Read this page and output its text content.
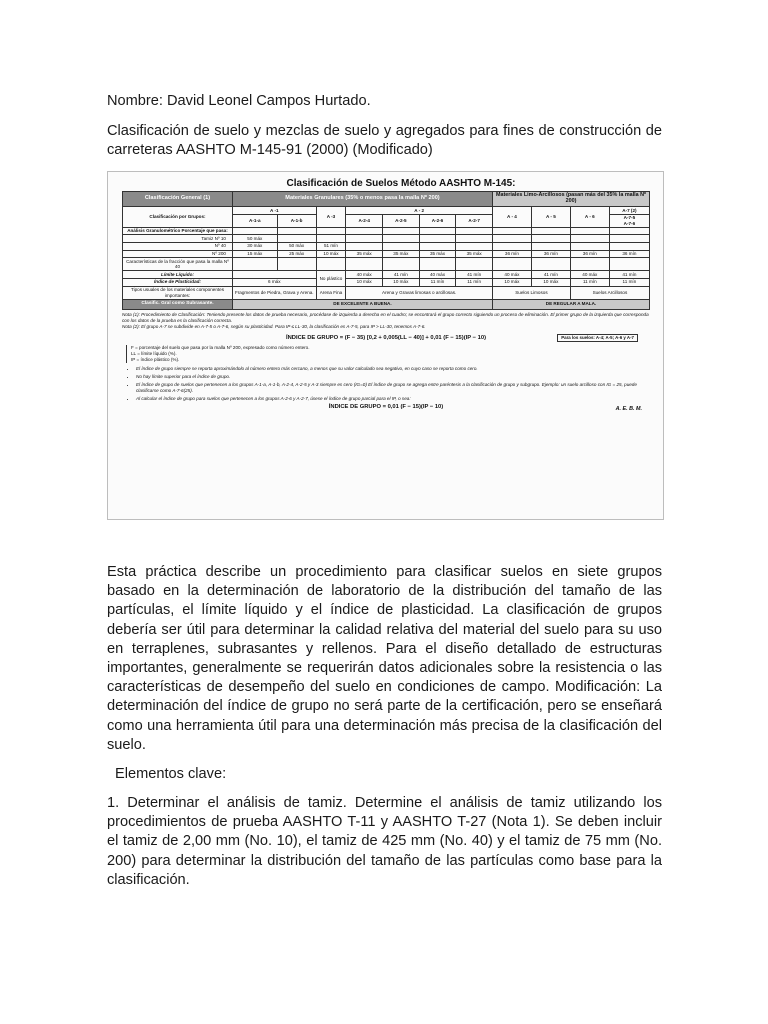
Nombre: David Leonel Campos Hurtado.

Clasificación de suelo y mezclas de suelo y agregados para fines de construcción de carreteras AASHTO M-145-91 (2000) (Modificado)

Clasificación de Suelos Método AASHTO M-145:
Clasificación General (1)	Materiales Granulares (35% o menos pasa la malla Nº 200)							Materiales Limo-Arcillosos (pasan más del 35% la malla Nº 200)			
Clasificación por Grupos:	A -1		A -3	A - 2				A - 4	A - 5	A - 6	A-7 (2)
	A-1-a	A-1-b		A-2-4	A-2-5	A-2-6	A-2-7				A-7-5
A-7-6
Análisis Granulométrico Porcentaje que pasa:											
Tamiz Nº 10	50 máx										
Nº 40	30 máx	50 máx	51 mín								
Nº 200	15 máx	25 máx	10 máx	35 máx	35 máx	35 máx	35 máx	36 mín	36 mín	36 mín	36 mín
Características de la fracción que pasa la malla Nº 40											
Límite Líquido:			No plástico	40 máx	41 mín	40 máx	41 mín	40 máx	41 mín	40 máx	41 mín
Índice de Plasticidad:	6 máx			10 máx	10 máx	11 mín	11 mín	10 máx	10 máx	11 mín	11 mín
Tipos usuales de los materiales componentes importantes:	Fragmentos de Piedra, Grava y Arena.		Arena Fina	Arena y Gravas limosas o arcillosas.				Suelos Limosos		Suelos Arcillosos	
Clasific. Gral como Subrasante.	DE EXCELENTE A BUENA.							DE REGULAR A MALA.			

Nota (1): Procedimiento de Clasificación: Teniendo presente los datos de prueba necesario, procédase de izquierda a derecha en el cuadro; se encontrará el grupo correcto siguiendo un proceso de eliminación. El primer grupo de la izquierda que corresponda con los datos de la prueba es la clasificación correcta.

Nota (2): El grupo A-7 se subdivide en A-7-5 o A-7-6, según su plasticidad. Para IP ≤ LL-30, la clasificación es A-7-5, para IP > LL-30, tenemos A-7-6.

ÍNDICE DE GRUPO = (F − 35) [0,2 + 0,005(LL − 40)] + 0,01 (F − 15)(IP − 10)	Para los suelos: A-4; A-5; A-6 y A-7
F = porcentaje del suelo que pasa por la malla Nº 200, expresado como número entero.
LL = límite líquido (%).
IP = índice plástico (%).
• El índice de grupo siempre se reporta aproximándolo al número entero más cercano, a menos que su valor calculado sea negativo, en cuyo caso se reporta como cero.
• No hay límite superior para el índice de grupo.
• El índice de grupo de suelos que pertenecen a los grupos A-1-a, A-1-b, A-2-4, A-2-5 y A-3 siempre es cero (IG=0) El índice de grupo se agrega entre paréntesis a la clasificación de grupo y subgrupo. Ejemplo: un suelo arcilloso con IG = 25, puede clasificarse como A-7-6(25).
• Al calcular el índice de grupo para suelos que pertenecen a los grupos A-2-6 y A-2-7, úsese el índice de grupo parcial para el IP, o sea:
ÍNDICE DE GRUPO = 0,01 (F − 15)(IP − 10)	A. E. B. M.

Esta práctica describe un procedimiento para clasificar suelos en siete grupos basado en la determinación de laboratorio de la distribución del tamaño de las partículas, el límite líquido y el índice de plasticidad. La clasificación de grupos debería ser útil para determinar la calidad relativa del material del suelo para su uso en terraplenes, subrasantes y rellenos. Para el diseño detallado de estructuras importantes, generalmente se requerirán datos adicionales sobre la resistencia o las características de desempeño del suelo en condiciones de campo. Modificación: La determinación del índice de grupo no será parte de la certificación, pero se enseñará como una herramienta útil para una determinación más precisa de la clasificación del suelo.

Elementos clave:

1. Determinar el análisis de tamiz. Determine el análisis de tamiz utilizando los procedimientos de prueba AASHTO T-11 y AASHTO T-27 (Nota 1). Se deben incluir el tamiz de 2,00 mm (No. 10), el tamiz de 425 mm (No. 40) y el tamiz de 75 mm (No. 200) para determinar la distribución del tamaño de las partículas como base para la clasificación.
